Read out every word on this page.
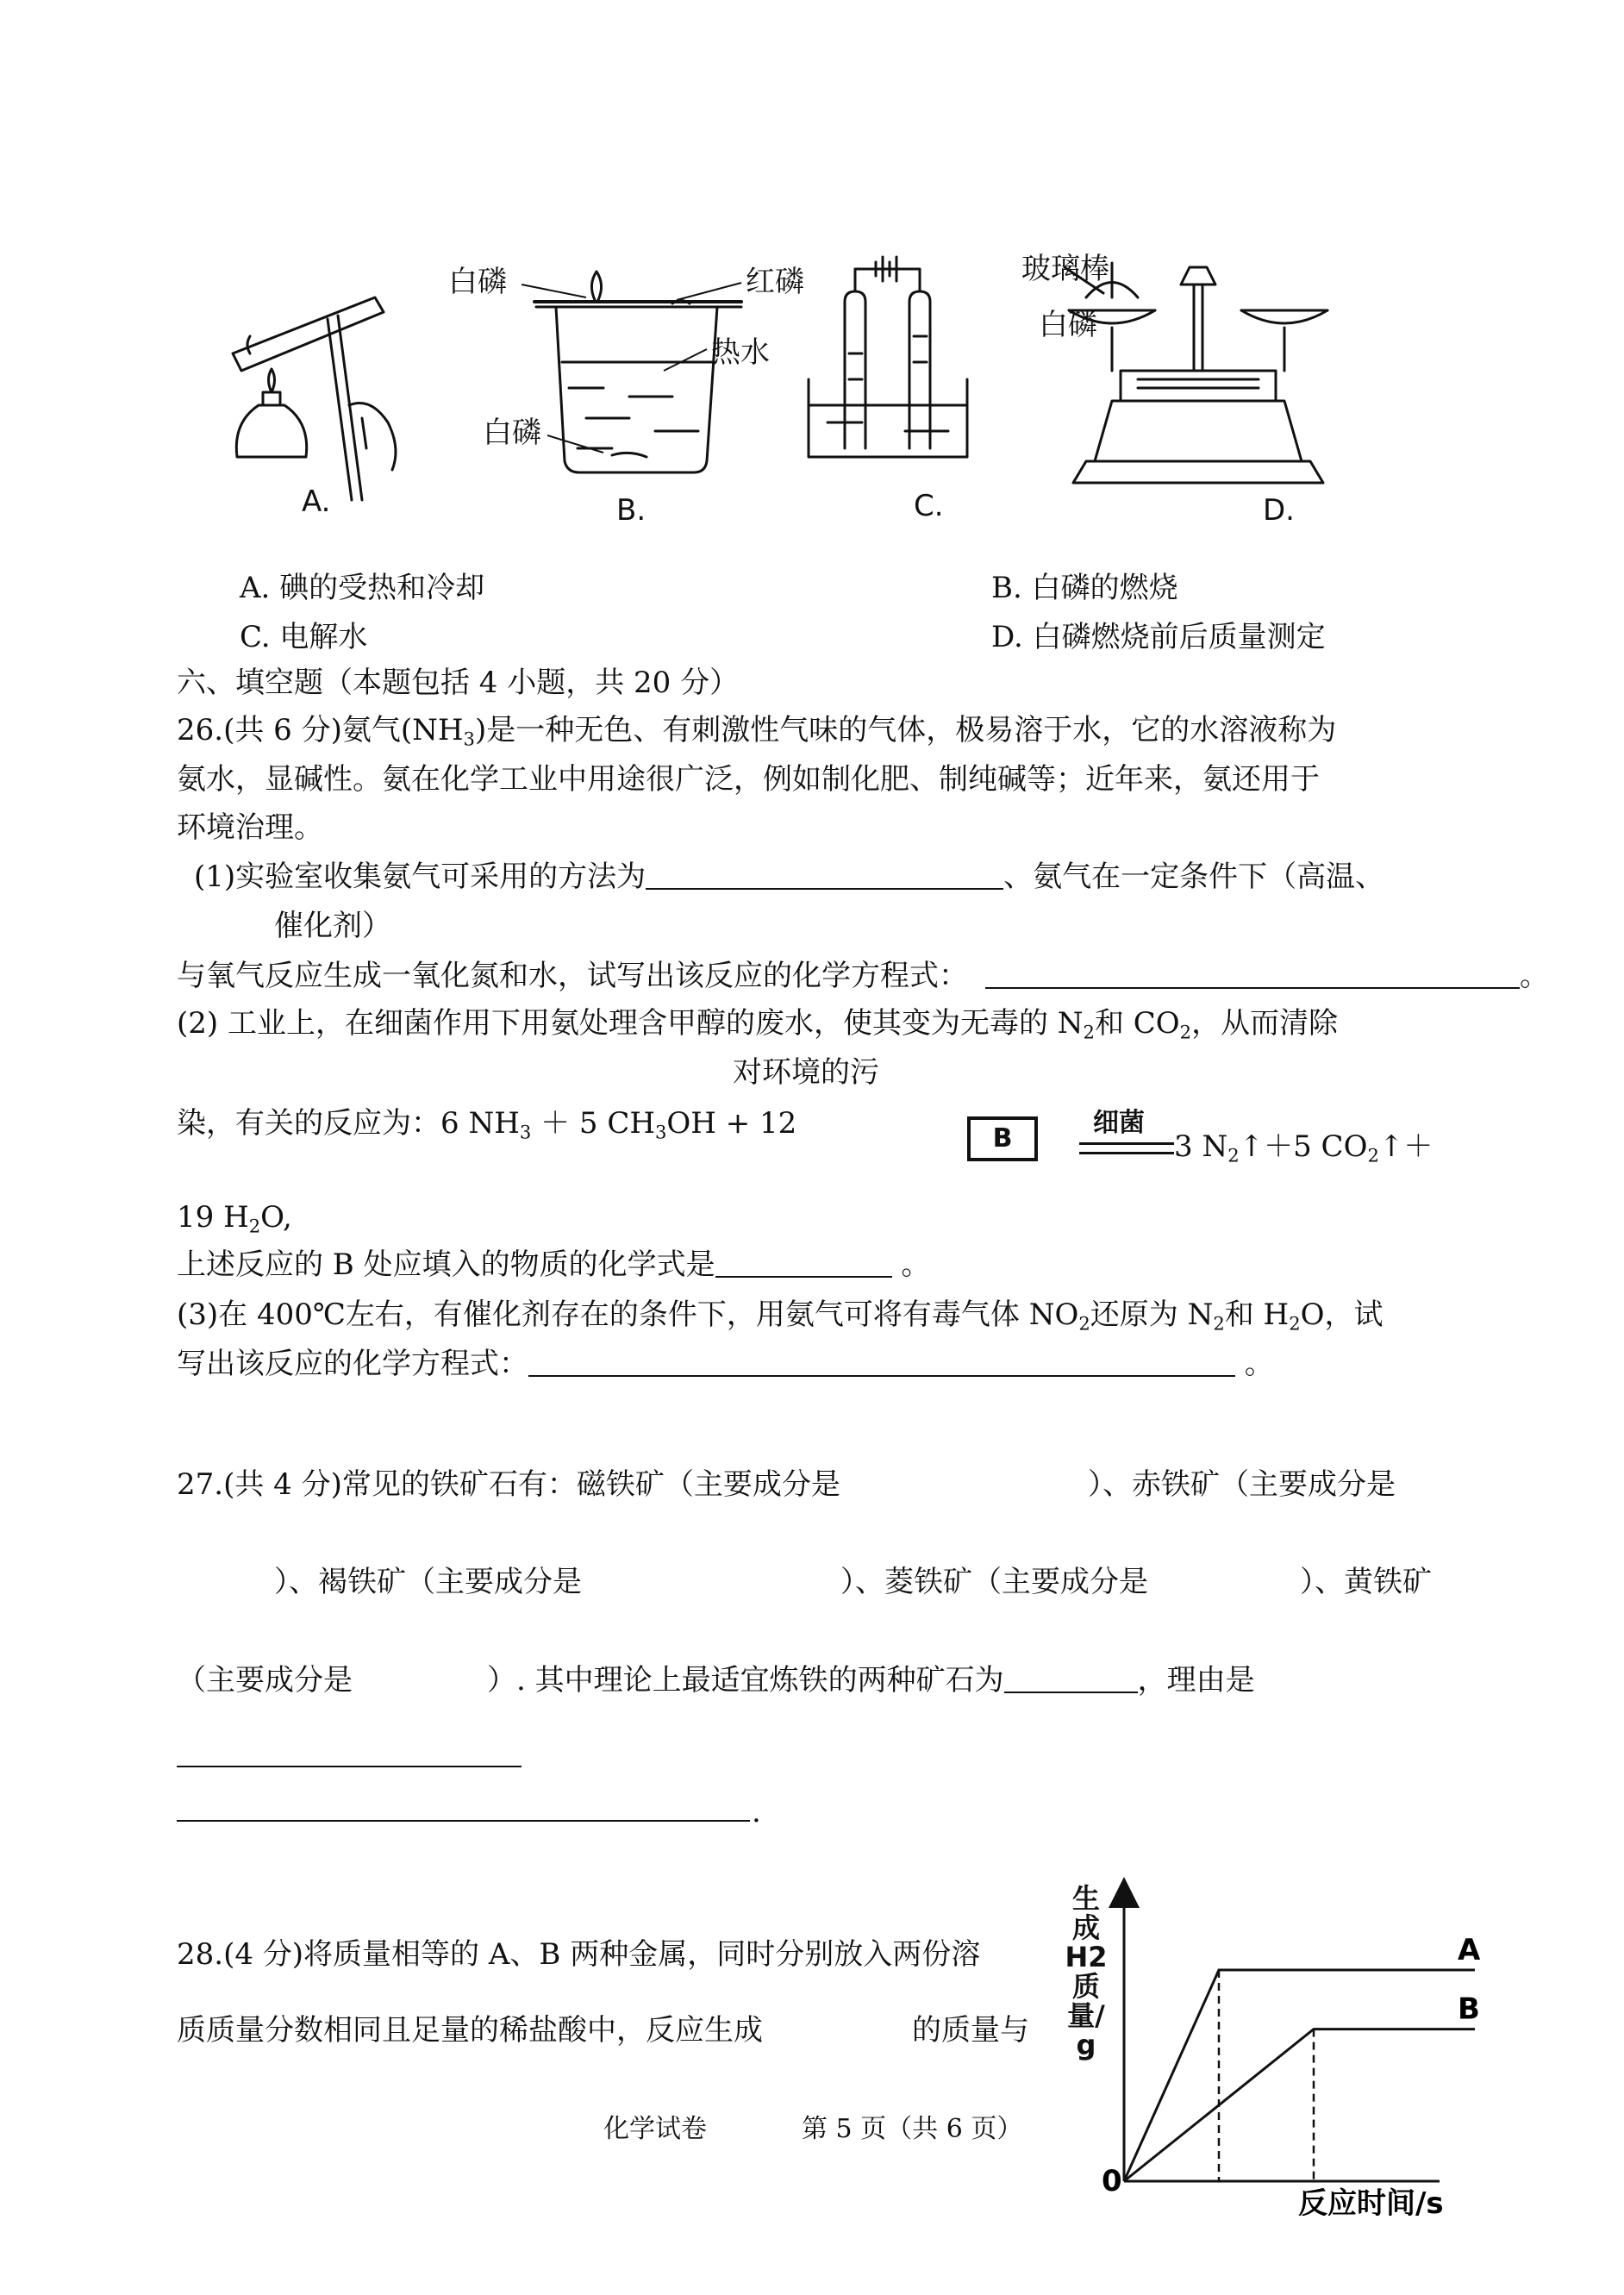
白磷	红磷
热水
白磷
玻璃棒
白磷
A.	B.	C.	D.
A. 碘的受热和冷却	B. 白磷的燃烧
C. 电解水	D. 白磷燃烧前后质量测定
六、填空题（本题包括 4 小题，共 20 分）
26.(共 6 分)氨气$(NH_3)$是一种无色、有刺激性气味的气体，极易溶于水，它的水溶液称为
氨水，显碱性。氨在化学工业中用途很广泛，例如制化肥、制纯碱等；近年来，氨还用于
环境治理。
(1)实验室收集氨气可采用的方法为	、氨气在一定条件下（高温、
催化剂）
与氧气反应生成一氧化氮和水，试写出该反应的化学方程式：	。
(2) 工业上，在细菌作用下用氨处理含甲醇的废水，使其变为无毒的 $N_2$和 $CO_2$，从而清除
对环境的污
染，有关的反应为：6 $NH_3 + 5$ $CH_3OH + 12$	B
细菌
3 $N_2↑+5$ $CO_2↑+$
19 $H_2O$,
上述反应的 B 处应填入的物质的化学式是	。
(3)在 400℃左右，有催化剂存在的条件下，用氨气可将有毒气体 $NO_2$还原为 $N_2$和 $H_2O$，试
写出该反应的化学方程式：	。
27.(共 4 分)常见的铁矿石有：磁铁矿（主要成分是	）、赤铁矿（主要成分是
）、褐铁矿（主要成分是	）、菱铁矿（主要成分是	）、黄铁矿
（主要成分是	）. 其中理论上最适宜炼铁的两种矿石为	，理由是
.
28.(4 分)将质量相等的 A、B 两种金属，同时分别放入两份溶
质质量分数相同且足量的稀盐酸中，反应生成	的质量与
A
B
0
反应时间/s
生成H2质量/g
化学试卷	第 5 页（共 6 页）
